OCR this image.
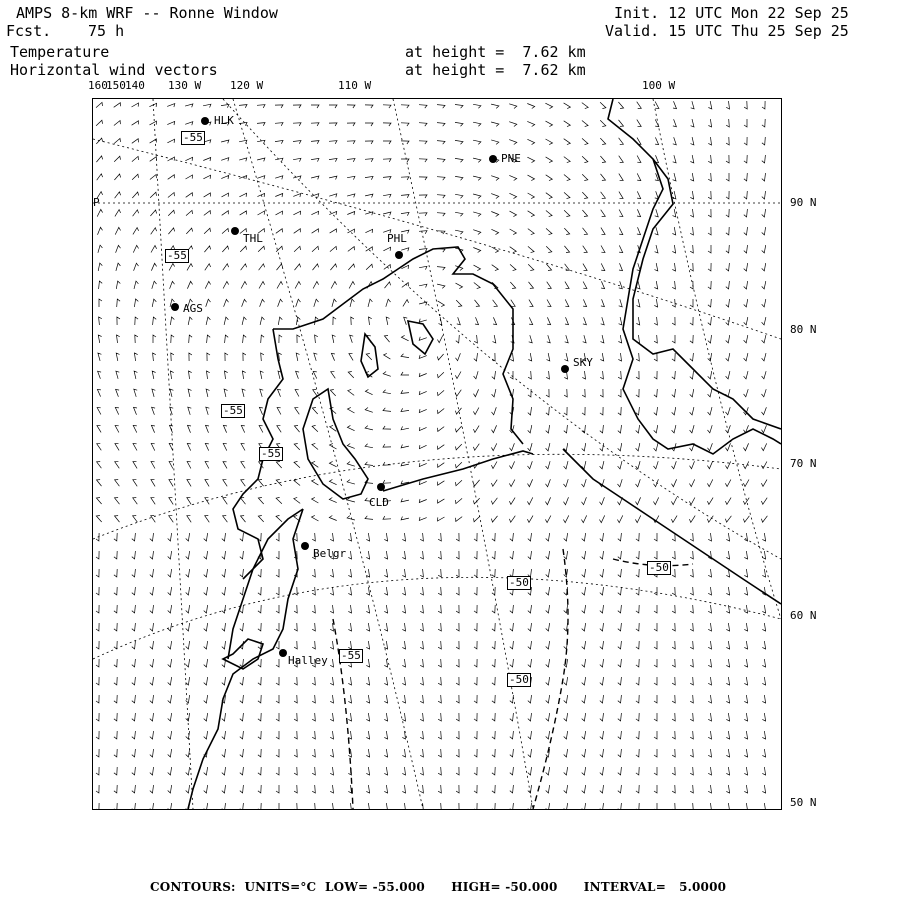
AMPS 8-km WRF -- Ronne Window
Fcst. 75 h
Init. 12 UTC Mon 22 Sep 25
Valid. 15 UTC Thu 25 Sep 25
Temperature
Horizontal wind vectors
at height =  7.62 km
at height =  7.62 km
160
150 140 130 W	120 W	110 W	100 W
90 N
80 N
70 N
60 N
50 N
HLK
PNE
THL	PHL
AGS
SKY
Belgr
Halley
CLD
-55
-55
-55
-55
-50
-50
-50
-55
P
CONTOURS:  UNITS=°C  LOW= -55.000      HIGH= -50.000      INTERVAL=   5.0000
